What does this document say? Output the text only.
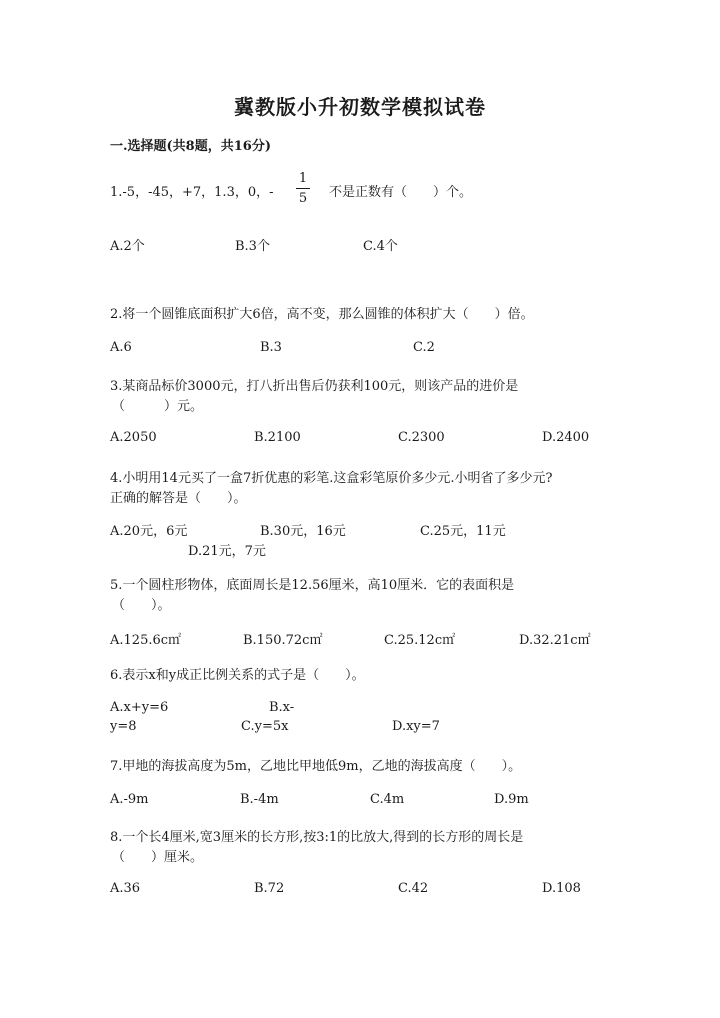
冀教版小升初数学模拟试卷
一.选择题(共8题，共16分)
1.-5，-45，+7，1.3，0，-
1
5 不是正数有（　　）个。
A.2个	B.3个	C.4个
2.将一个圆锥底面积扩大6倍，高不变，那么圆锥的体积扩大（　　）倍。
A.6	B.3	C.2
3.某商品标价3000元，打八折出售后仍获利100元，则该产品的进价是
（　　　）元。
A.2050	B.2100	C.2300	D.2400
4.小明用14元买了一盒7折优惠的彩笔.这盒彩笔原价多少元.小明省了多少元?
正确的解答是（　　）。
A.20元，6元	B.30元，16元	C.25元，11元
D.21元，7元
5.一个圆柱形物体，底面周长是12.56厘米，高10厘米．它的表面积是
（　　）。
A.125.6c㎡	B.150.72c㎡	C.25.12c㎡	D.32.21c㎡
6.表示x和y成正比例关系的式子是（　　）。
A.x+y=6	B.x-
y=8	C.y=5x	D.xy=7
7.甲地的海拔高度为5m，乙地比甲地低9m，乙地的海拔高度（　　）。
A.-9m	B.-4m	C.4m	D.9m
8.一个长4厘米,宽3厘米的长方形,按3:1的比放大,得到的长方形的周长是
（　　）厘米。
A.36	B.72	C.42	D.108
